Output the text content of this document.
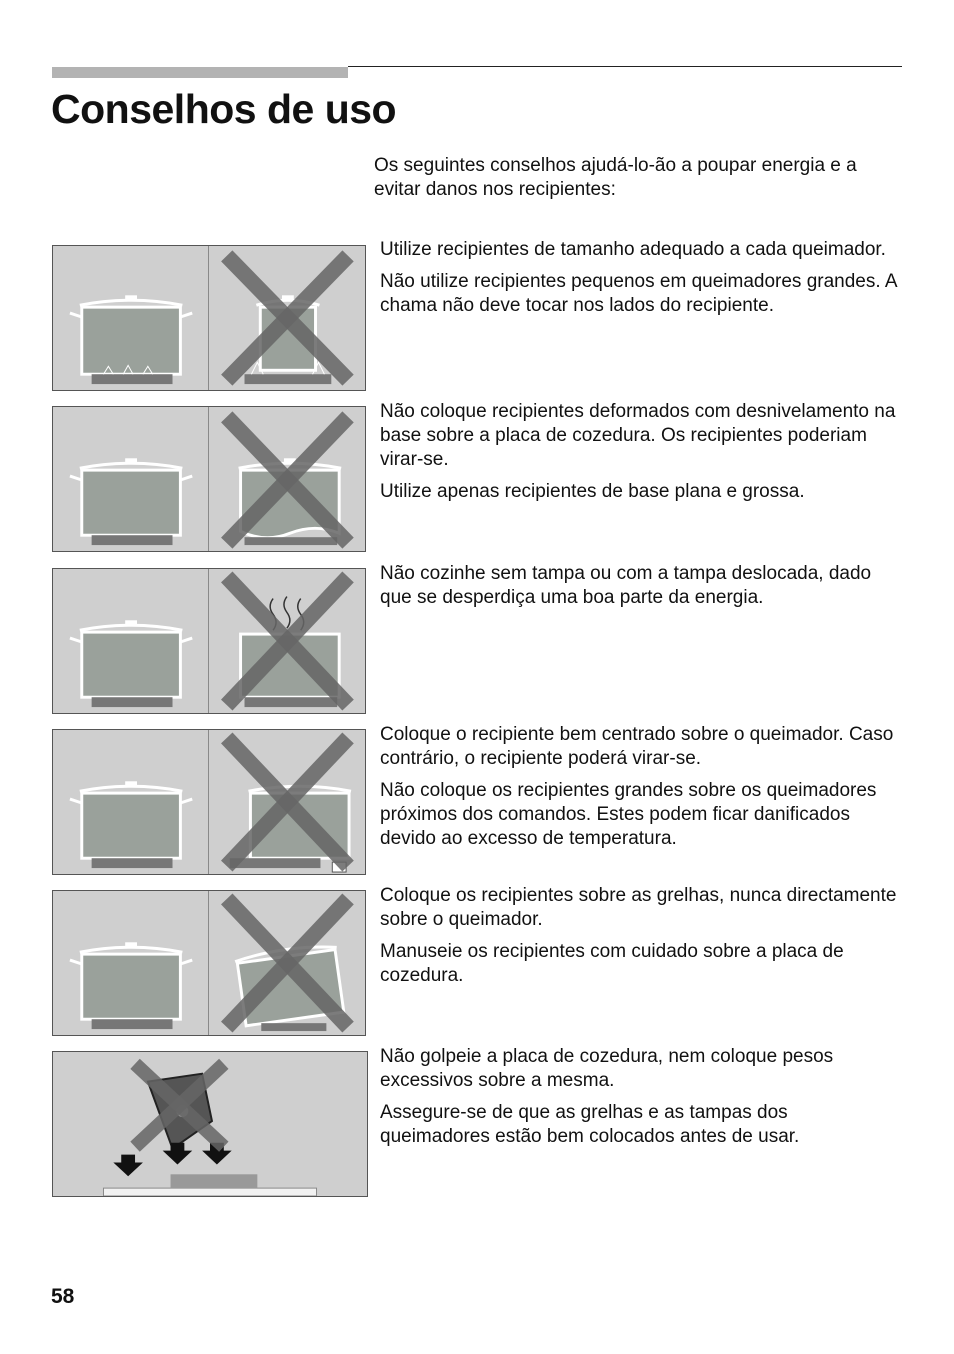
Conselhos de uso

Os seguintes conselhos ajudá-lo-ão a poupar energia e a evitar danos nos recipientes:

Utilize recipientes de tamanho adequado a cada queimador.

Não utilize recipientes pequenos em queimadores grandes. A chama não deve tocar nos lados do recipiente.

Não coloque recipientes deformados com desnivelamento na base sobre a placa de cozedura. Os recipientes poderiam virar-se.

Utilize apenas recipientes de base plana e grossa.

Não cozinhe sem tampa ou com a tampa deslocada, dado que se desperdiça uma boa parte da energia.

Coloque o recipiente bem centrado sobre o queimador. Caso contrário, o recipiente poderá virar-se.

Não coloque os recipientes grandes sobre os queimadores próximos dos comandos. Estes podem ficar danificados devido ao excesso de temperatura.

Coloque os recipientes sobre as grelhas, nunca directamente sobre o queimador.

Manuseie os recipientes com cuidado sobre a placa de cozedura.

Não golpeie a placa de cozedura, nem coloque pesos excessivos sobre a mesma.

Assegure-se de que as grelhas e as tampas dos queimadores estão bem colocados antes de usar.

58
